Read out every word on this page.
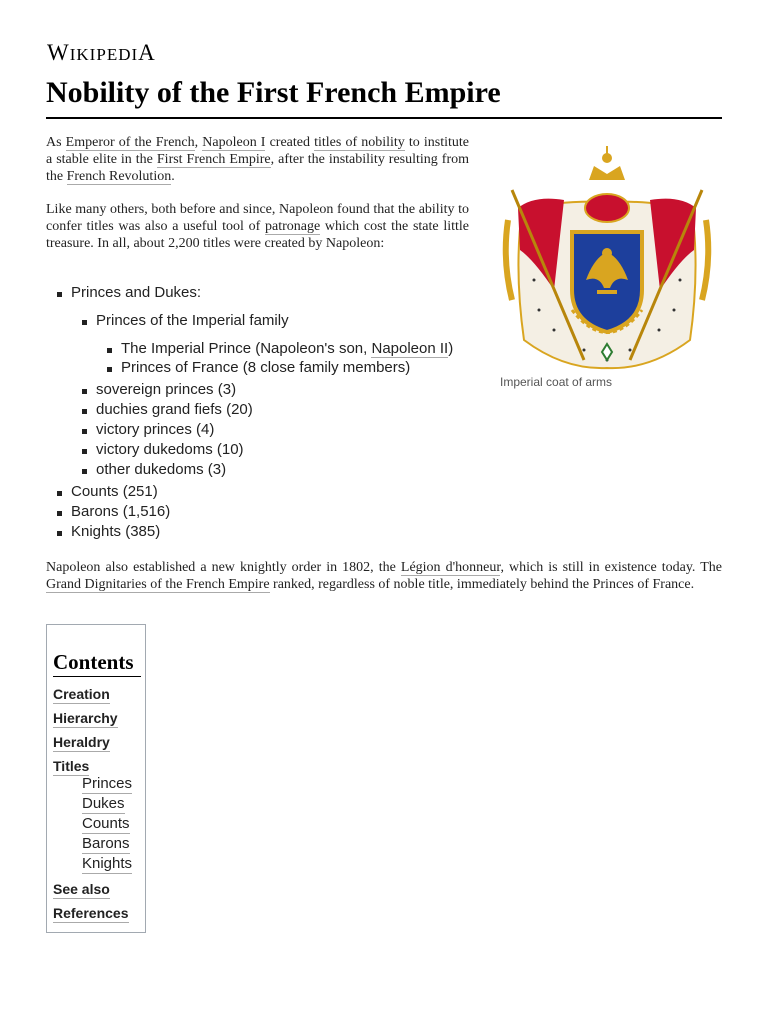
WIKIPEDIA
Nobility of the First French Empire

As Emperor of the French, Napoleon I created titles of nobility to institute a stable elite in the First French Empire, after the instability resulting from the French Revolution.

Like many others, both before and since, Napoleon found that the ability to confer titles was also a useful tool of patronage which cost the state little treasure. In all, about 2,200 titles were created by Napoleon:

Princes and Dukes:
Princes of the Imperial family
The Imperial Prince (Napoleon's son, Napoleon II)
Princes of France (8 close family members)
sovereign princes (3)
duchies grand fiefs (20)
victory princes (4)
victory dukedoms (10)
other dukedoms (3)
Counts (251)
Barons (1,516)
Knights (385)

Napoleon also established a new knightly order in 1802, the Légion d'honneur, which is still in existence today. The Grand Dignitaries of the French Empire ranked, regardless of noble title, immediately behind the Princes of France.

Imperial coat of arms
Contents
Creation
Hierarchy
Heraldry
Titles
Princes
Dukes
Counts
Barons
Knights
See also
References
